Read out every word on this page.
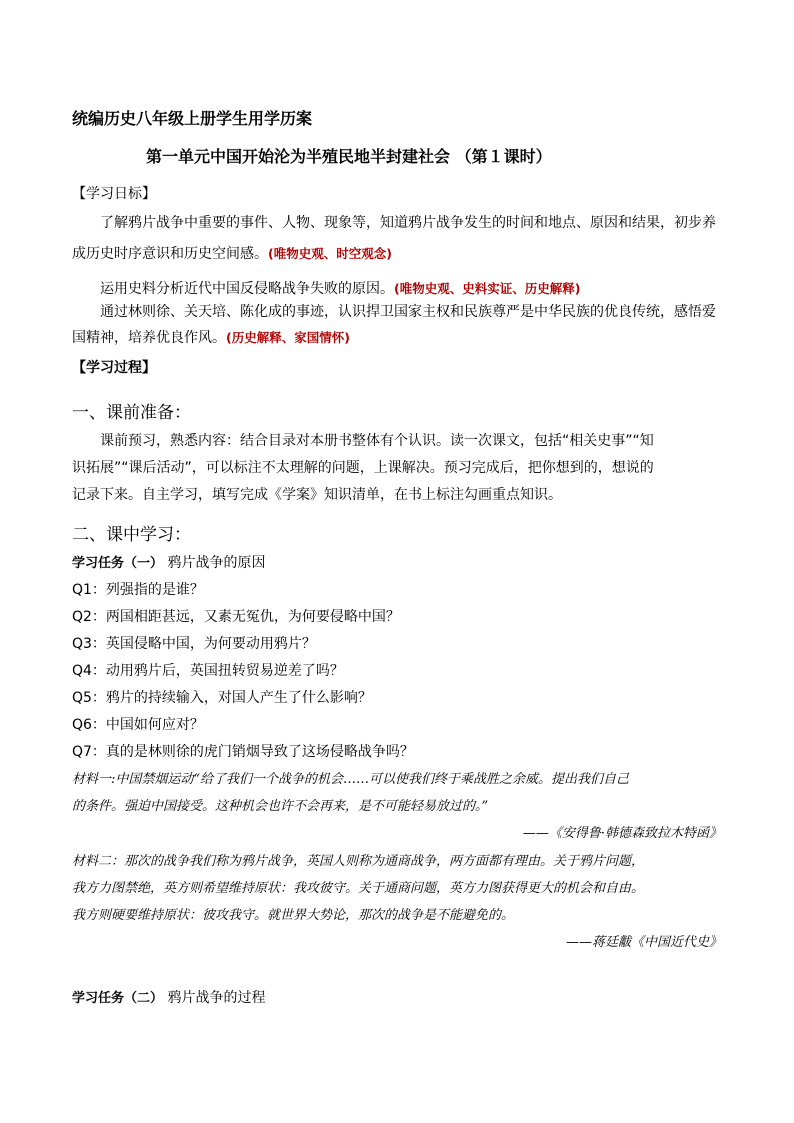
统编历史八年级上册学生用学历案
第一单元中国开始沦为半殖民地半封建社会 （第１课时）
【学习日标】
了解鸦片战争中重要的事件、人物、现象等，知道鸦片战争发生的时间和地点、原因和结果，初步养
成历史时序意识和历史空间感。(唯物史观、时空观念)
运用史料分析近代中国反侵略战争失败的原因。(唯物史观、史料实证、历史解释)
通过林则徐、关天培、陈化成的事迹，认识捍卫国家主权和民族尊严是中华民族的优良传统，感悟爱
国精神，培养优良作风。(历史解释、家国情怀)
【学习过程】
一、课前准备：
课前预习，熟悉内容：结合目录对本册书整体有个认识。读一次课文，包括“相关史事”“知
识拓展”“课后活动”，可以标注不太理解的问题，上课解决。预习完成后，把你想到的，想说的
记录下来。自主学习，填写完成《学案》知识清单，在书上标注勾画重点知识。
二、课中学习：
学习任务（一） 鸦片战争的原因
Q1：列强指的是谁？
Q2：两国相距甚远，又素无冤仇，为何要侵略中国？
Q3：英国侵略中国，为何要动用鸦片？
Q4：动用鸦片后，英国扭转贸易逆差了吗？
Q5：鸦片的持续输入，对国人产生了什么影响？
Q6：中国如何应对？
Q7：真的是林则徐的虎门销烟导致了这场侵略战争吗？
材料一:中国禁烟运动“给了我们一个战争的机会……可以使我们终于乘战胜之余威。提出我们自己
的条件。强迫中国接受。这种机会也许不会再来，是不可能轻易放过的。”
——《安得鲁·韩德森致拉木特函》
材料二：那次的战争我们称为鸦片战争，英国人则称为通商战争，两方面都有理由。关于鸦片问题，
我方力图禁绝，英方则希望维持原状：我攻彼守。关于通商问题，英方力图获得更大的机会和自由。
我方则硬要维持原状：彼攻我守。就世界大势论，那次的战争是不能避免的。
——蒋廷黻《中国近代史》
学习任务（二） 鸦片战争的过程
